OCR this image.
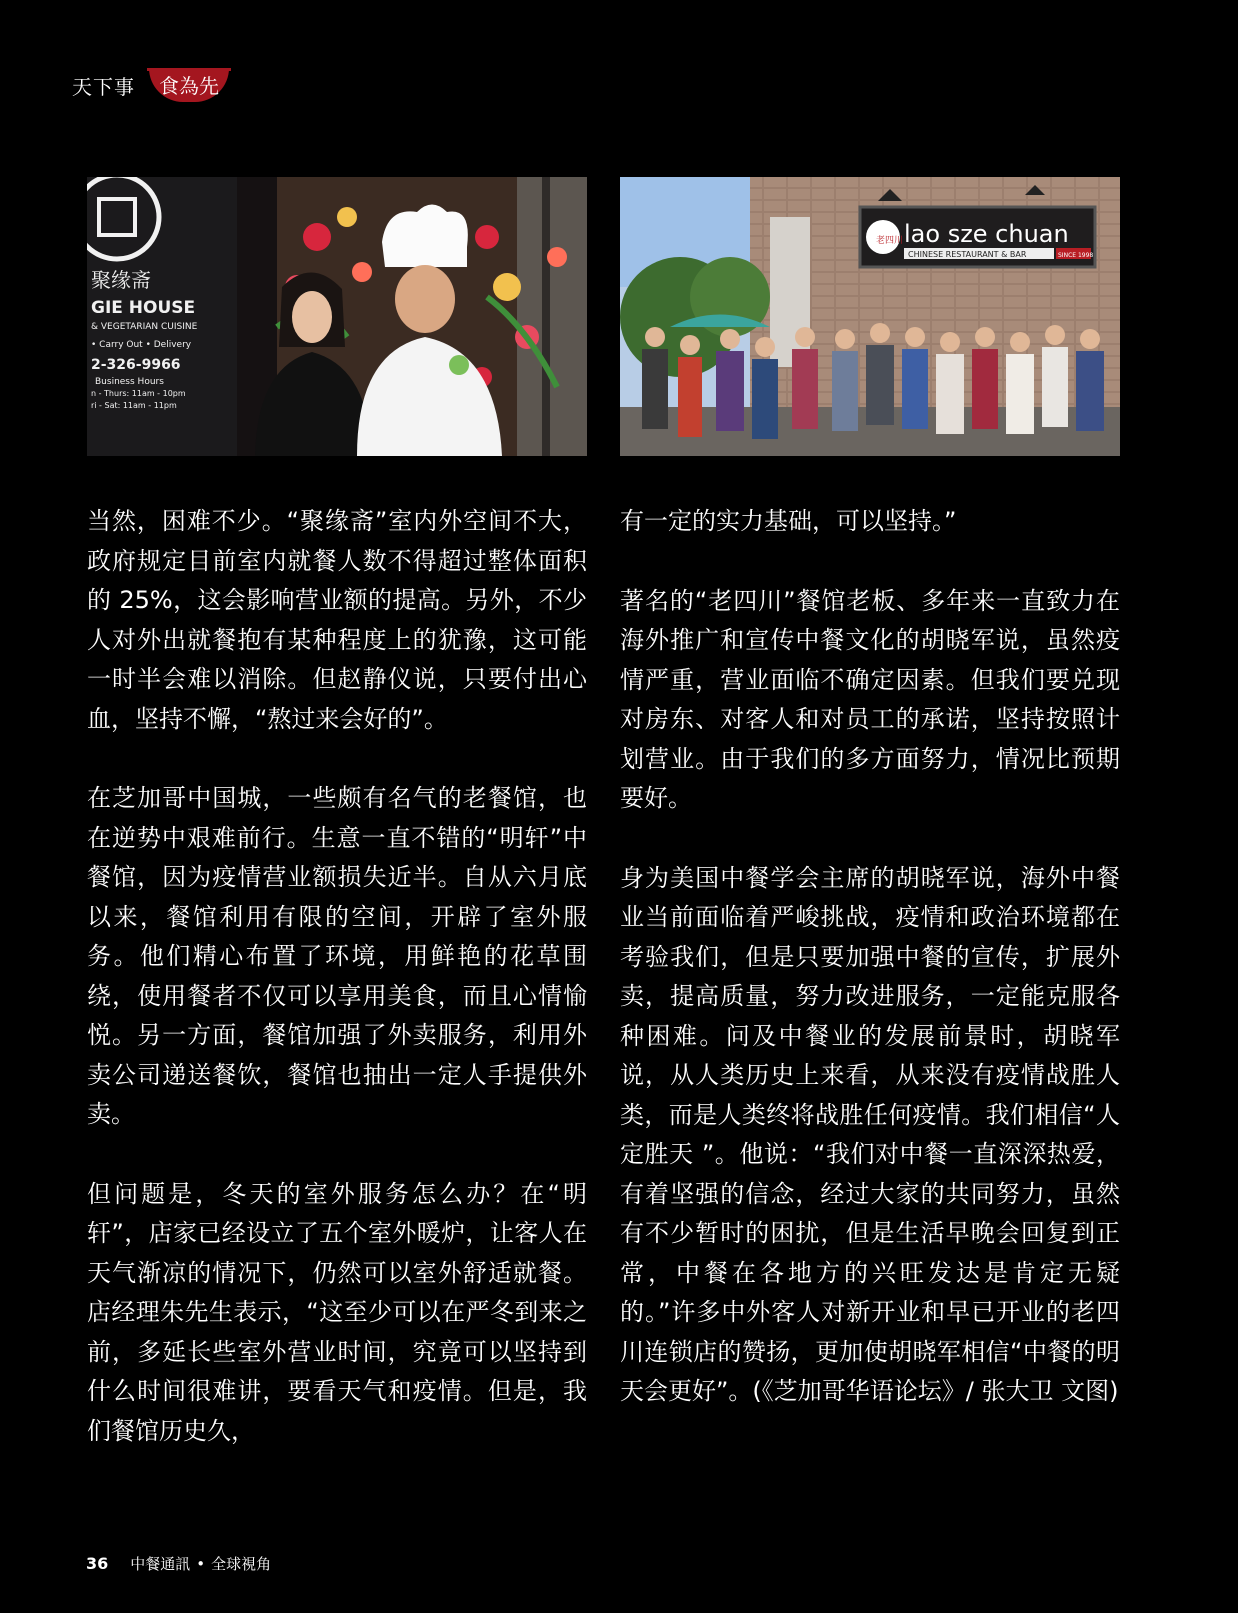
天下事	食為先
聚缘斋
GIE HOUSE
& VEGETARIAN CUISINE
• Carry Out • Delivery
2-326-9966
Business Hours
n - Thurs: 11am - 10pm
ri - Sat: 11am - 11pm
老四川 lao sze chuan
CHINESE RESTAURANT & BAR	SINCE 1998

当然，困难不少。“聚缘斋”室内外空间不大，政府规定目前室内就餐人数不得超过整体面积的 25%，这会影响营业额的提高。另外，不少人对外出就餐抱有某种程度上的犹豫，这可能一时半会难以消除。但赵静仪说，只要付出心血，坚持不懈，“熬过来会好的”。

在芝加哥中国城，一些颇有名气的老餐馆，也在逆势中艰难前行。生意一直不错的“明轩”中餐馆，因为疫情营业额损失近半。自从六月底以来，餐馆利用有限的空间，开辟了室外服务。他们精心布置了环境，用鲜艳的花草围绕，使用餐者不仅可以享用美食，而且心情愉悦。另一方面，餐馆加强了外卖服务，利用外卖公司递送餐饮，餐馆也抽出一定人手提供外卖。

但问题是，冬天的室外服务怎么办？在“明轩”，店家已经设立了五个室外暖炉，让客人在天气渐凉的情况下，仍然可以室外舒适就餐。店经理朱先生表示，“这至少可以在严冬到来之前，多延长些室外营业时间，究竟可以坚持到什么时间很难讲，要看天气和疫情。但是，我们餐馆历史久，

有一定的实力基础，可以坚持。”

著名的“老四川”餐馆老板、多年来一直致力在海外推广和宣传中餐文化的胡晓军说，虽然疫情严重，营业面临不确定因素。但我们要兑现对房东、对客人和对员工的承诺，坚持按照计划营业。由于我们的多方面努力，情况比预期要好。

身为美国中餐学会主席的胡晓军说，海外中餐业当前面临着严峻挑战，疫情和政治环境都在考验我们，但是只要加强中餐的宣传，扩展外卖，提高质量，努力改进服务，一定能克服各种困难。问及中餐业的发展前景时，胡晓军说，从人类历史上来看，从来没有疫情战胜人类，而是人类终将战胜任何疫情。我们相信“人定胜天 ”。他说：“我们对中餐一直深深热爱，有着坚强的信念，经过大家的共同努力，虽然有不少暂时的困扰，但是生活早晚会回复到正常，中餐在各地方的兴旺发达是肯定无疑的。”许多中外客人对新开业和早已开业的老四川连锁店的赞扬，更加使胡晓军相信“中餐的明天会更好”。(《芝加哥华语论坛》/ 张大卫 文图)

36 中餐通訊 • 全球視角
